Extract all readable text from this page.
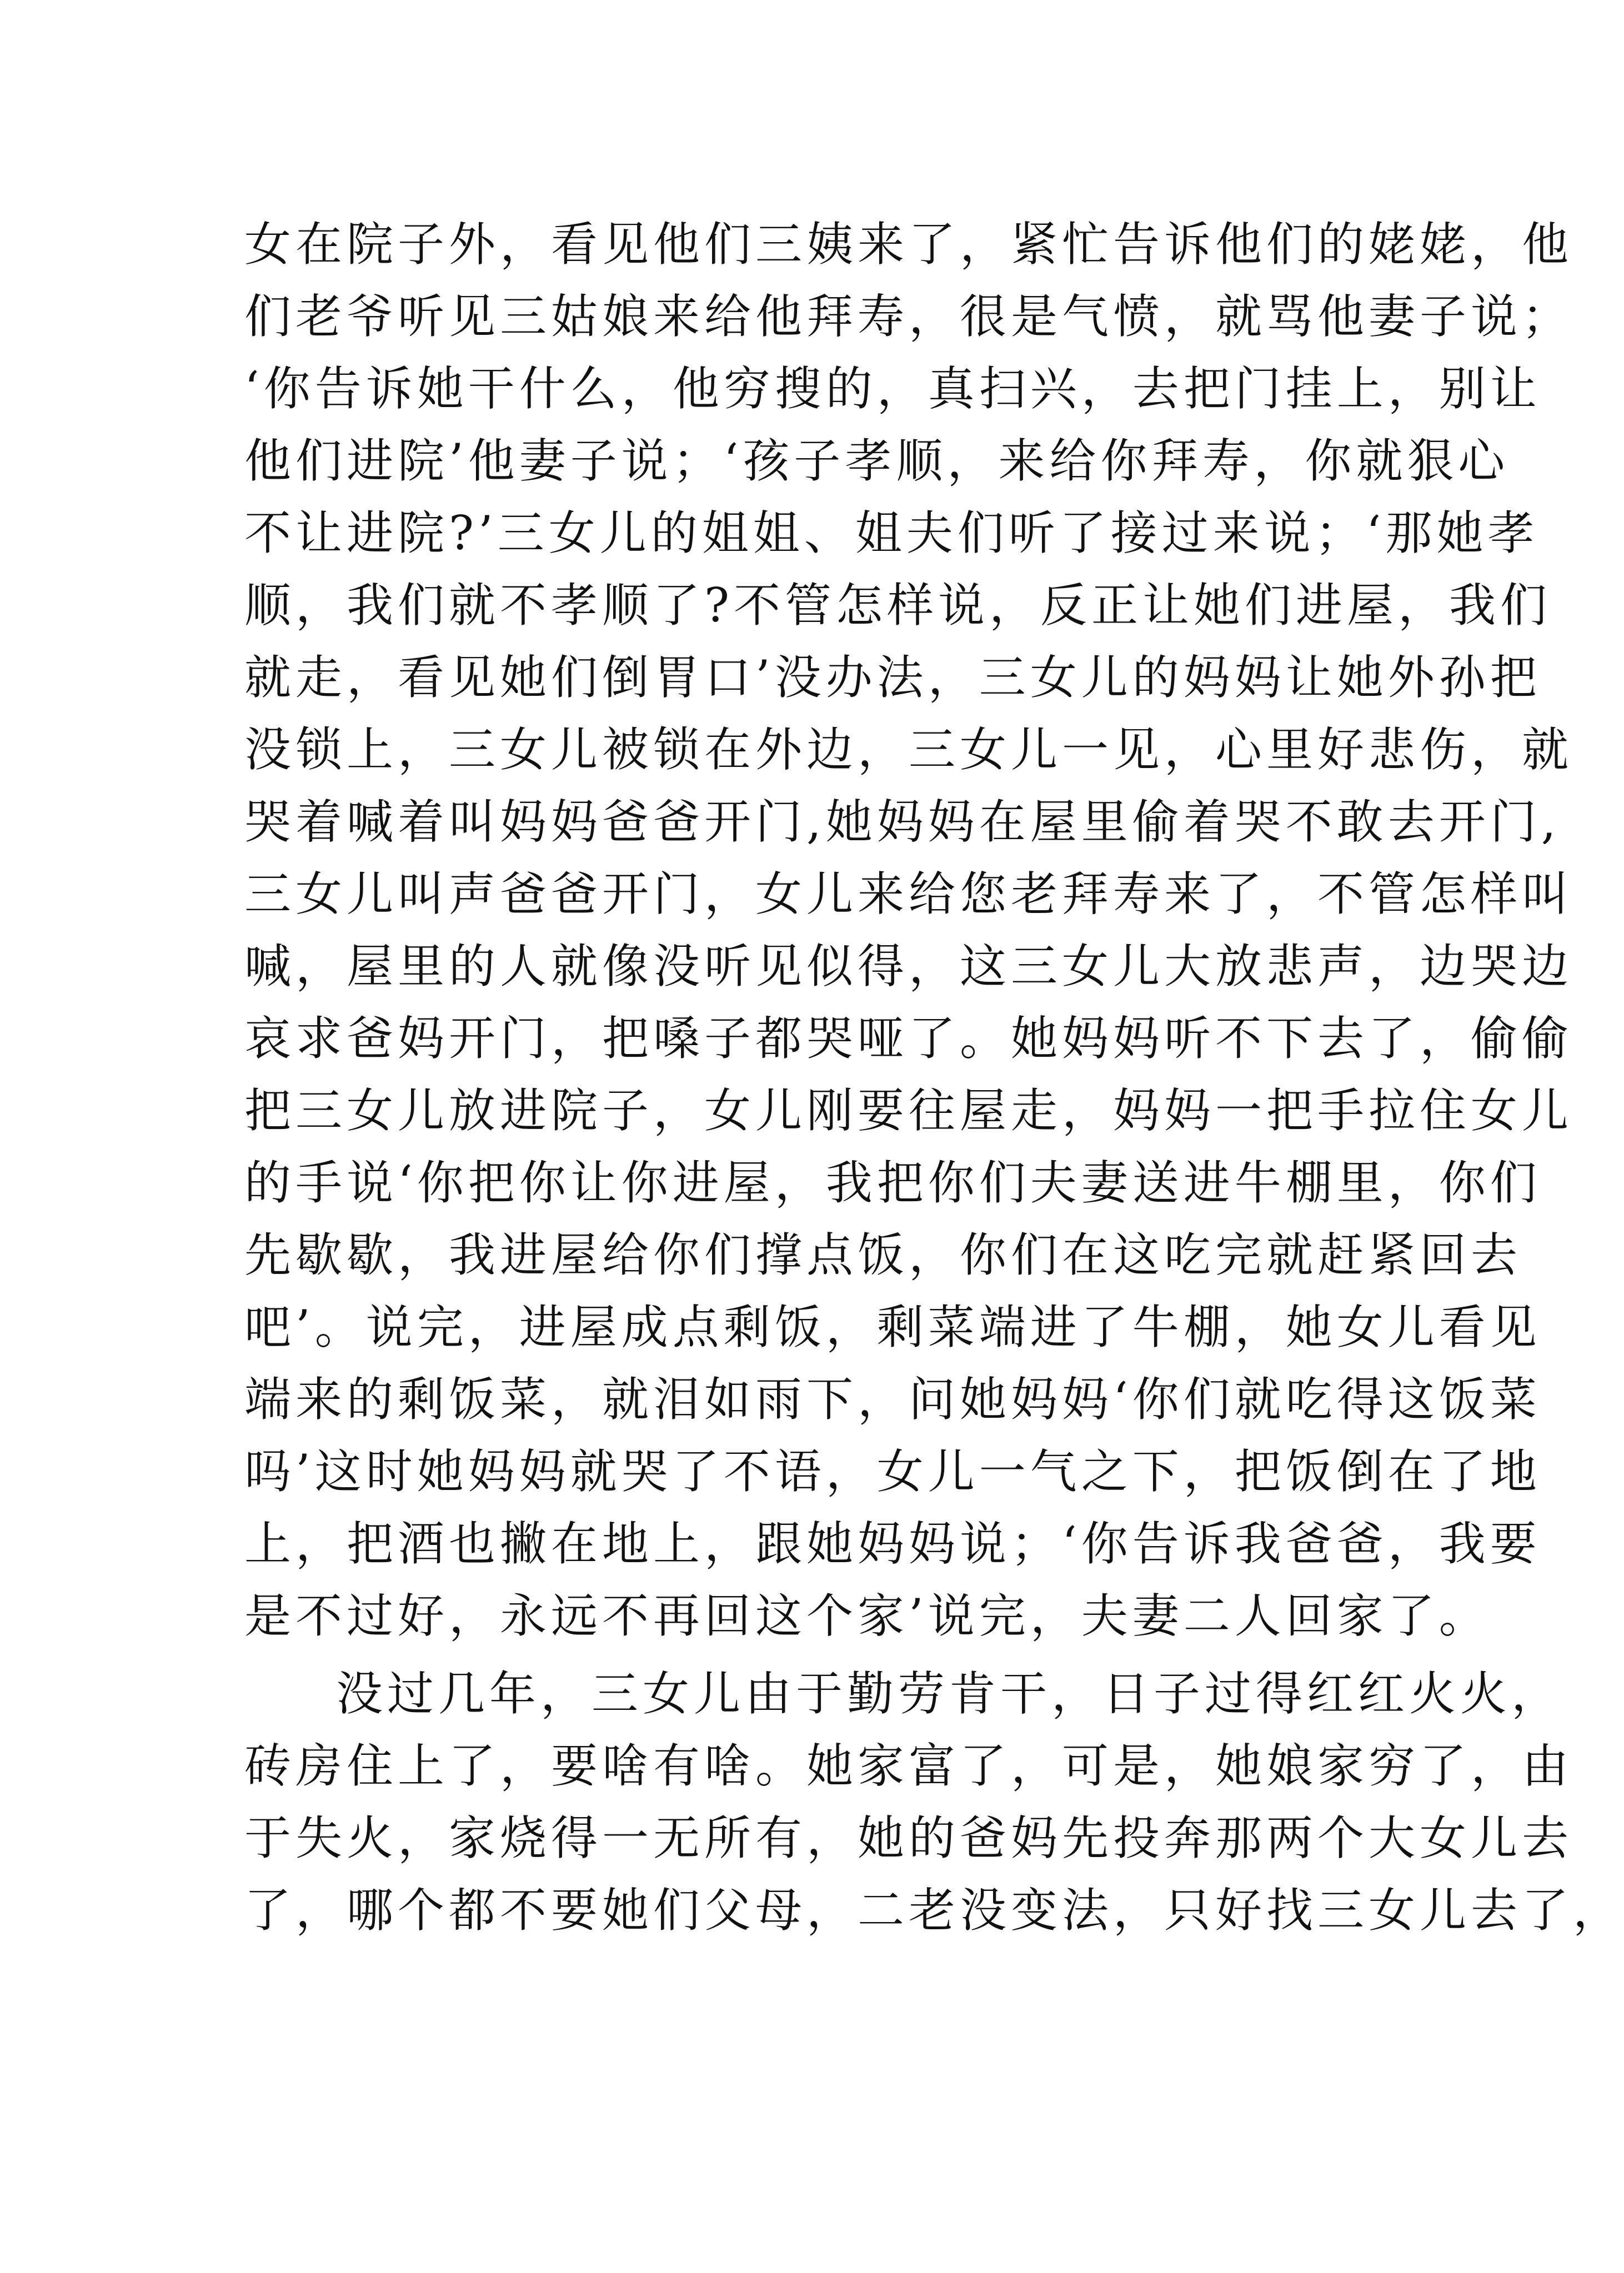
女在院子外，看见他们三姨来了，紧忙告诉他们的姥姥，他
们老爷听见三姑娘来给他拜寿，很是气愤，就骂他妻子说；
‘你告诉她干什么，他穷搜的，真扫兴，去把门挂上，别让
他们进院’他妻子说；‘孩子孝顺，来给你拜寿，你就狠心
不让进院?’三女儿的姐姐、姐夫们听了接过来说；‘那她孝
顺，我们就不孝顺了?不管怎样说，反正让她们进屋，我们
就走，看见她们倒胃口’没办法，三女儿的妈妈让她外孙把
没锁上，三女儿被锁在外边，三女儿一见，心里好悲伤，就
哭着喊着叫妈妈爸爸开门,她妈妈在屋里偷着哭不敢去开门,
三女儿叫声爸爸开门，女儿来给您老拜寿来了，不管怎样叫
喊，屋里的人就像没听见似得，这三女儿大放悲声，边哭边
哀求爸妈开门，把嗓子都哭哑了。她妈妈听不下去了，偷偷
把三女儿放进院子，女儿刚要往屋走，妈妈一把手拉住女儿
的手说‘你把你让你进屋，我把你们夫妻送进牛棚里，你们
先歇歇，我进屋给你们撑点饭，你们在这吃完就赶紧回去
吧’。说完，进屋成点剩饭，剩菜端进了牛棚，她女儿看见
端来的剩饭菜，就泪如雨下，问她妈妈‘你们就吃得这饭菜
吗’这时她妈妈就哭了不语，女儿一气之下，把饭倒在了地
上，把酒也撇在地上，跟她妈妈说；‘你告诉我爸爸，我要
是不过好，永远不再回这个家’说完，夫妻二人回家了。
没过几年，三女儿由于勤劳肯干，日子过得红红火火，
砖房住上了，要啥有啥。她家富了，可是，她娘家穷了，由
于失火，家烧得一无所有，她的爸妈先投奔那两个大女儿去
了，哪个都不要她们父母，二老没变法，只好找三女儿去了，
